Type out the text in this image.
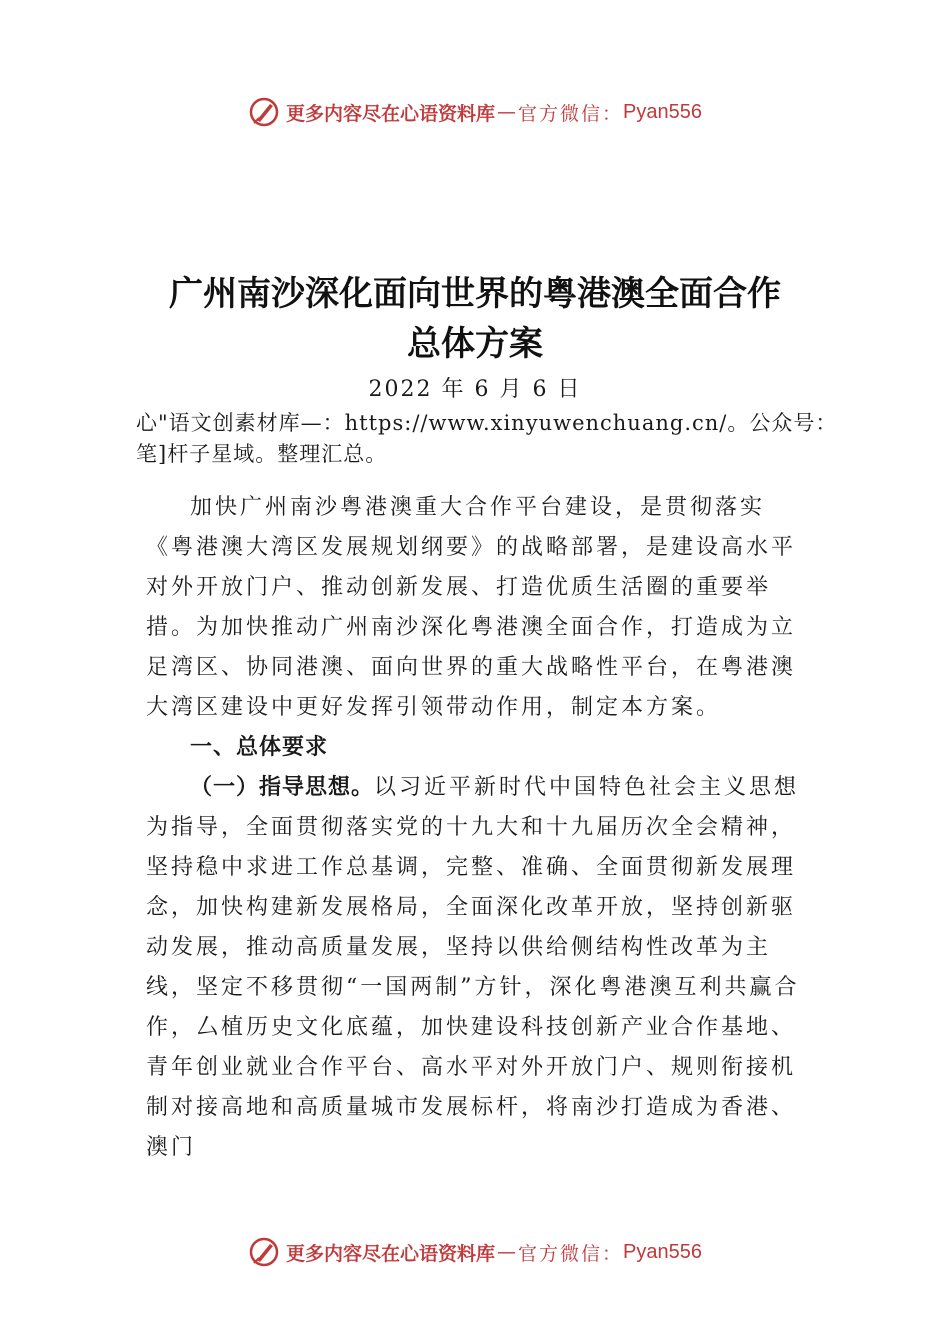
更多内容尽在心语资料库 — 官方微信： Pyan556
广州南沙深化面向世界的粤港澳全面合作
总体方案
2022 年 6 月 6 日
心"语文创素材库—：https://www.xinyuwenchuang.cn/。公众号：笔]杆子星域。整理汇总。

加快广州南沙粤港澳重大合作平台建设，是贯彻落实《粤港澳大湾区发展规划纲要》的战略部署，是建设高水平对外开放门户、推动创新发展、打造优质生活圈的重要举措。为加快推动广州南沙深化粤港澳全面合作，打造成为立足湾区、协同港澳、面向世界的重大战略性平台，在粤港澳大湾区建设中更好发挥引领带动作用，制定本方案。

一、总体要求

（一）指导思想。以习近平新时代中国特色社会主义思想为指导，全面贯彻落实党的十九大和十九届历次全会精神，坚持稳中求进工作总基调，完整、准确、全面贯彻新发展理念，加快构建新发展格局，全面深化改革开放，坚持创新驱动发展，推动高质量发展，坚持以供给侧结构性改革为主线，坚定不移贯彻“一国两制”方针，深化粤港澳互利共赢合作，厶植历史文化底蕴，加快建设科技创新产业合作基地、青年创业就业合作平台、高水平对外开放门户、规则衔接机制对接高地和高质量城市发展标杆，将南沙打造成为香港、澳门

更多内容尽在心语资料库 — 官方微信： Pyan556
